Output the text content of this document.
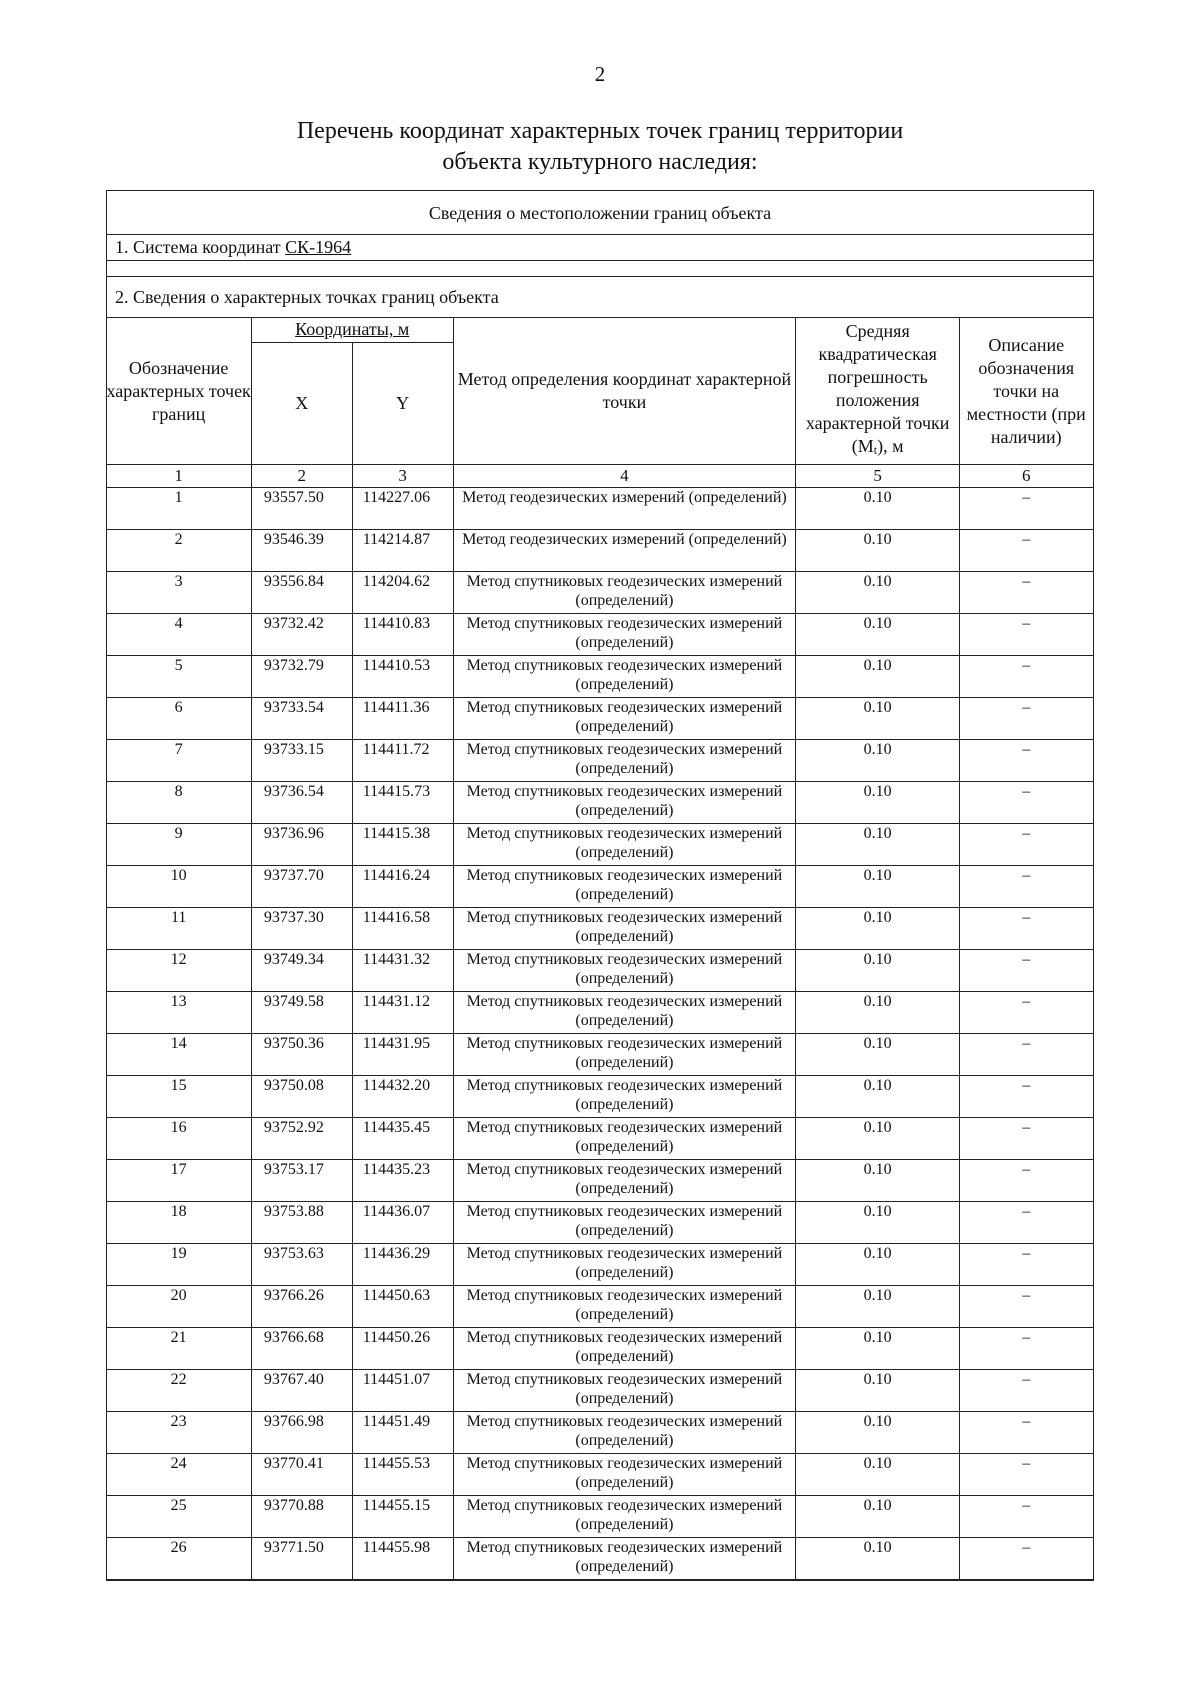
2
Перечень координат характерных точек границ территории
объекта культурного наследия:
Сведения о местоположении границ объекта
1. Система координат СК-1964
2. Сведения о характерных точках границ объекта
Обозначение характерных точек границ	Координаты, м		Метод определения координат характерной точки	Средняя квадратическая погрешность положения характерной точки (Mt), м	Описание обозначения точки на местности (при наличии)
	X	Y			
1	2	3	4	5	6
1	93557.50	114227.06	Метод геодезических измерений (определений)	0.10	–
2	93546.39	114214.87	Метод геодезических измерений (определений)	0.10	–
3	93556.84	114204.62	Метод спутниковых геодезических измерений (определений)	0.10	–
4	93732.42	114410.83	Метод спутниковых геодезических измерений (определений)	0.10	–
5	93732.79	114410.53	Метод спутниковых геодезических измерений (определений)	0.10	–
6	93733.54	114411.36	Метод спутниковых геодезических измерений (определений)	0.10	–
7	93733.15	114411.72	Метод спутниковых геодезических измерений (определений)	0.10	–
8	93736.54	114415.73	Метод спутниковых геодезических измерений (определений)	0.10	–
9	93736.96	114415.38	Метод спутниковых геодезических измерений (определений)	0.10	–
10	93737.70	114416.24	Метод спутниковых геодезических измерений (определений)	0.10	–
11	93737.30	114416.58	Метод спутниковых геодезических измерений (определений)	0.10	–
12	93749.34	114431.32	Метод спутниковых геодезических измерений (определений)	0.10	–
13	93749.58	114431.12	Метод спутниковых геодезических измерений (определений)	0.10	–
14	93750.36	114431.95	Метод спутниковых геодезических измерений (определений)	0.10	–
15	93750.08	114432.20	Метод спутниковых геодезических измерений (определений)	0.10	–
16	93752.92	114435.45	Метод спутниковых геодезических измерений (определений)	0.10	–
17	93753.17	114435.23	Метод спутниковых геодезических измерений (определений)	0.10	–
18	93753.88	114436.07	Метод спутниковых геодезических измерений (определений)	0.10	–
19	93753.63	114436.29	Метод спутниковых геодезических измерений (определений)	0.10	–
20	93766.26	114450.63	Метод спутниковых геодезических измерений (определений)	0.10	–
21	93766.68	114450.26	Метод спутниковых геодезических измерений (определений)	0.10	–
22	93767.40	114451.07	Метод спутниковых геодезических измерений (определений)	0.10	–
23	93766.98	114451.49	Метод спутниковых геодезических измерений (определений)	0.10	–
24	93770.41	114455.53	Метод спутниковых геодезических измерений (определений)	0.10	–
25	93770.88	114455.15	Метод спутниковых геодезических измерений (определений)	0.10	–
26	93771.50	114455.98	Метод спутниковых геодезических измерений (определений)	0.10	–
